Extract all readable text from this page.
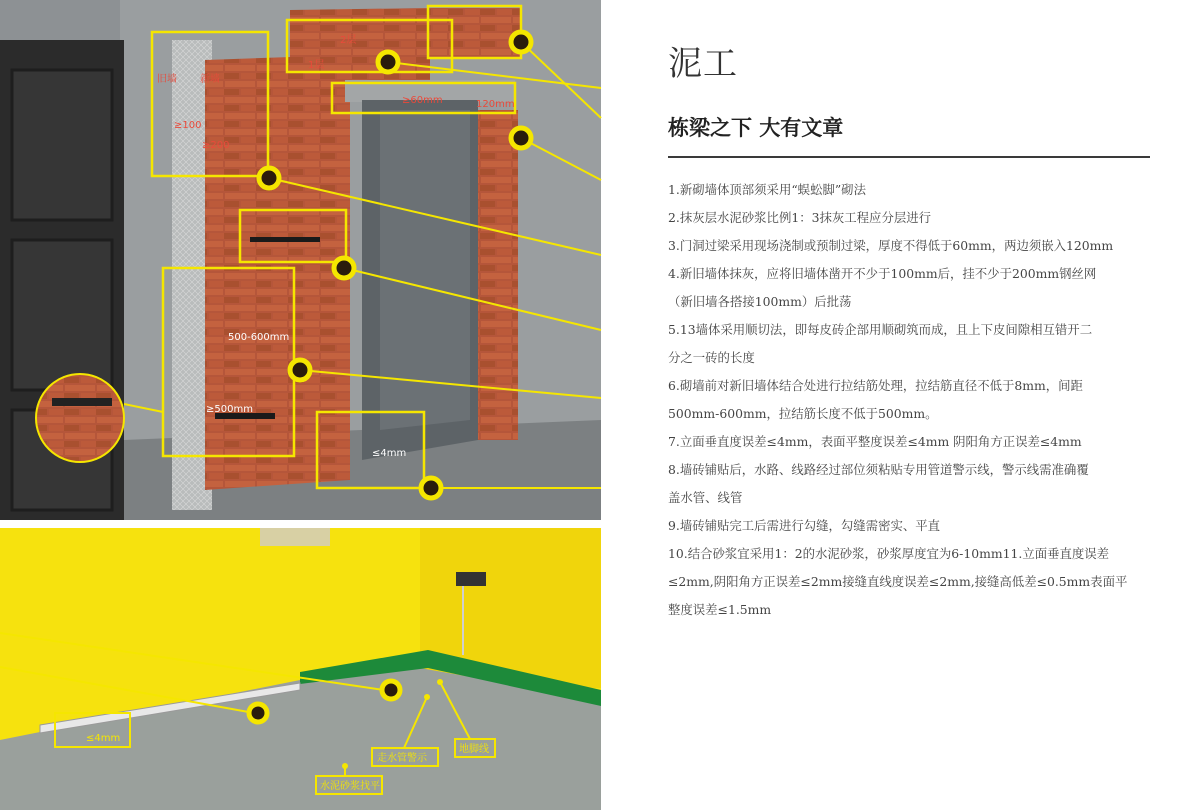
2层
1层
旧墙 新墙
≥100
≥200
≥60mm	120mm
500-600mm
≥500mm
≤4mm
≤4mm
走水管警示
地脚线
水泥砂浆找平
泥工
栋梁之下 大有文章
1.新砌墙体顶部须采用“蜈蚣脚”砌法
2.抹灰层水泥砂浆比例1：3抹灰工程应分层进行
3.门洞过梁采用现场浇制或预制过梁，厚度不得低于60mm，两边须嵌入120mm
4.新旧墙体抹灰，应将旧墙体凿开不少于100mm后，挂不少于200mm钢丝网
（新旧墙各搭接100mm）后批荡
5.13墙体采用顺切法，即每皮砖企部用顺砌筑而成，且上下皮间隙相互错开二
分之一砖的长度
6.砌墙前对新旧墙体结合处进行拉结筋处理，拉结筋直径不低于8mm，间距
500mm-600mm，拉结筋长度不低于500mm。
7.立面垂直度误差≤4mm，表面平整度误差≤4mm 阴阳角方正误差≤4mm
8.墙砖铺贴后，水路、线路经过部位须粘贴专用管道警示线，警示线需准确覆
盖水管、线管
9.墙砖铺贴完工后需进行勾缝，勾缝需密实、平直
10.结合砂浆宜采用1：2的水泥砂浆，砂浆厚度宜为6-10mm11.立面垂直度误差
≤2mm,阴阳角方正误差≤2mm接缝直线度误差≤2mm,接缝高低差≤0.5mm表面平
整度误差≤1.5mm
